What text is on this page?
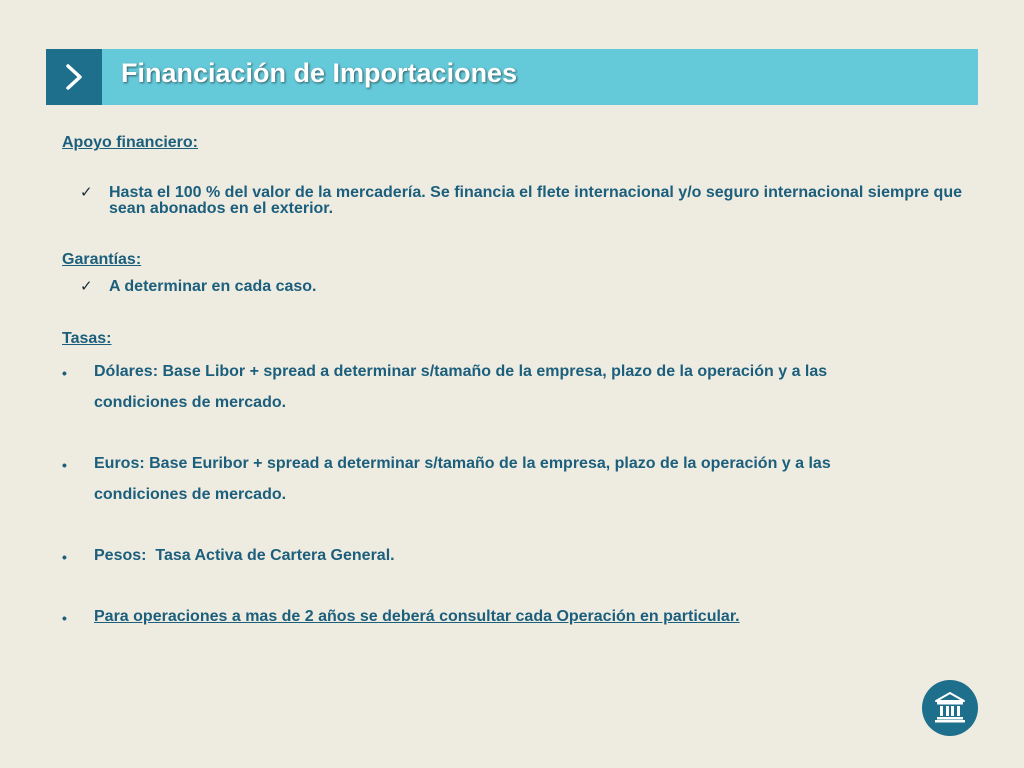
Financiación de Importaciones
Apoyo financiero:
✓ Hasta el 100 % del valor de la mercadería. Se financia el flete internacional y/o seguro internacional siempre que sean abonados en el exterior.
Garantías:
✓ A determinar en cada caso.
Tasas:
• Dólares: Base Libor + spread a determinar s/tamaño de la empresa, plazo de la operación y a las
condiciones de mercado.
• Euros: Base Euribor + spread a determinar s/tamaño de la empresa, plazo de la operación y a las
condiciones de mercado.
• Pesos:  Tasa Activa de Cartera General.
• Para operaciones a mas de 2 años se deberá consultar cada Operación en particular.
